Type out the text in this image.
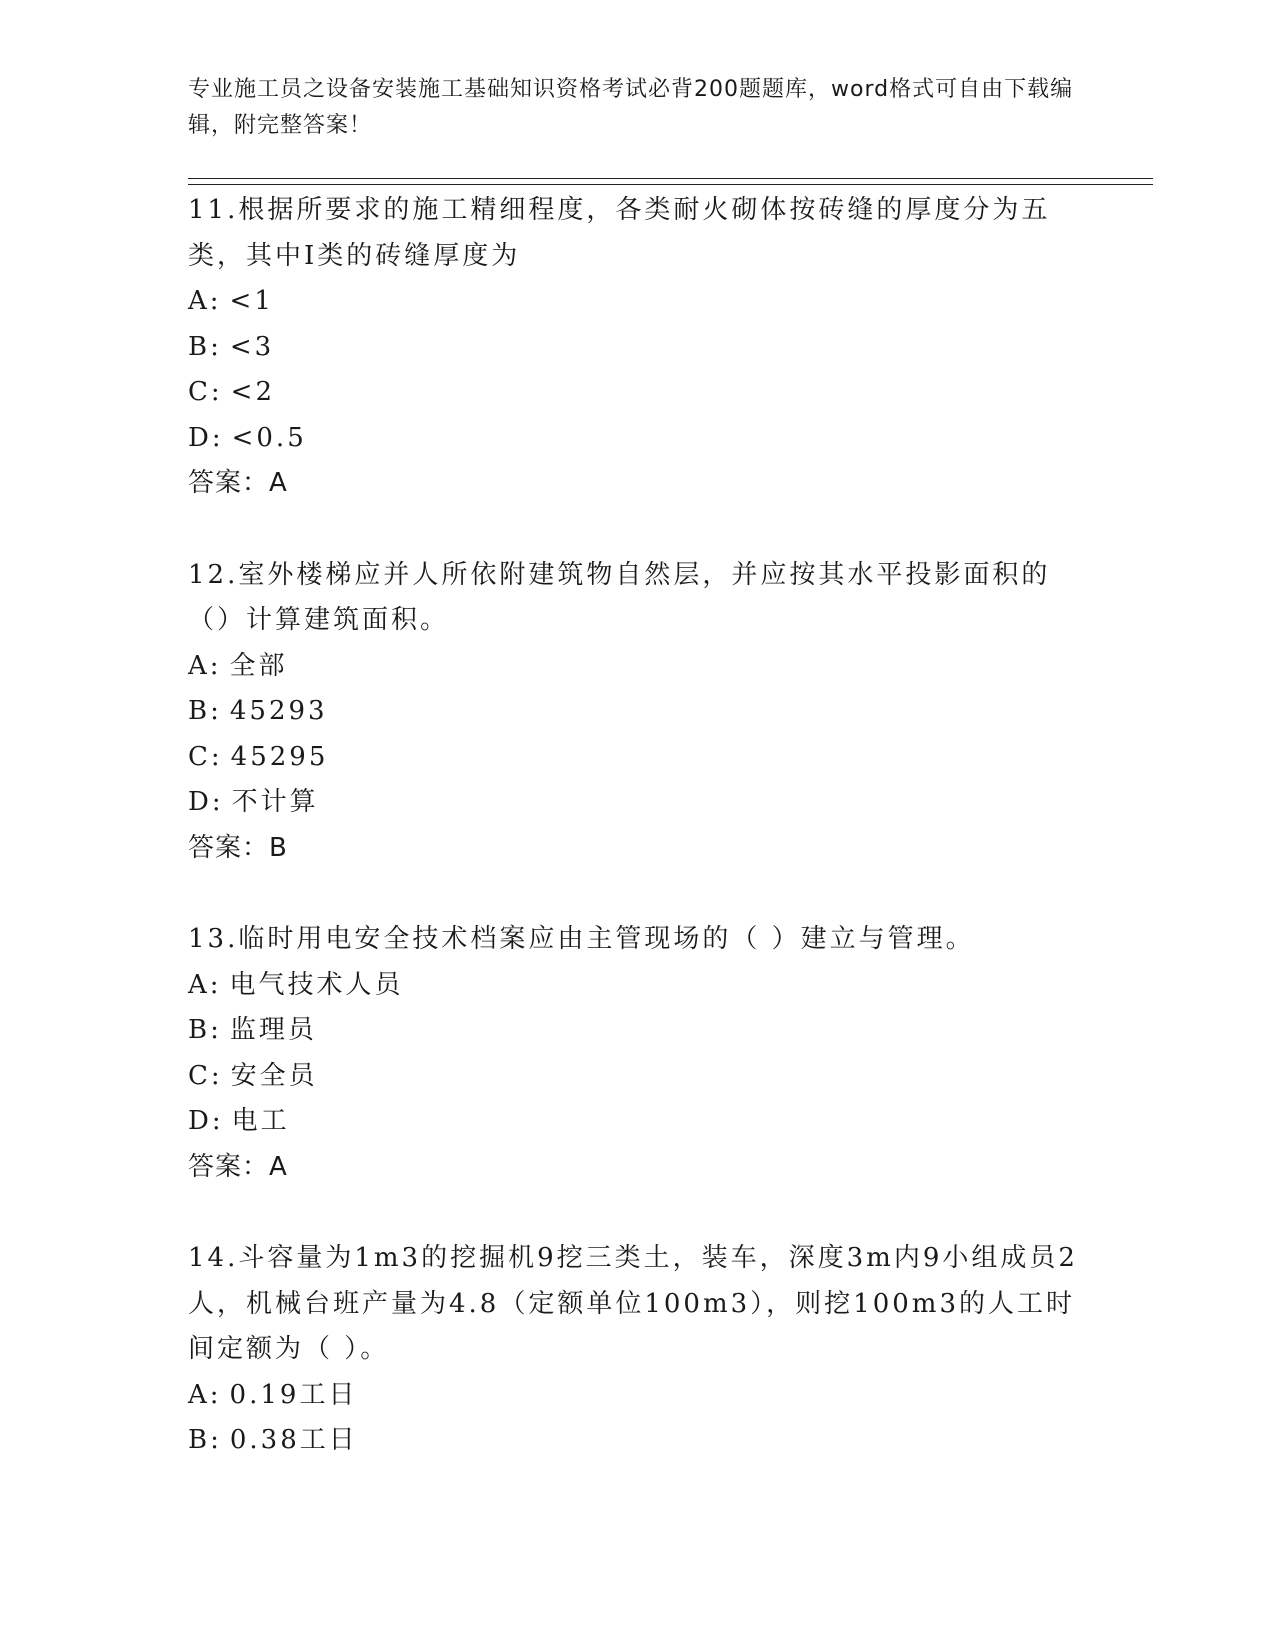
专业施工员之设备安装施工基础知识资格考试必背200题题库，word格式可自由下载编辑，附完整答案！

11.根据所要求的施工精细程度，各类耐火砌体按砖缝的厚度分为五类，其中Ⅰ类的砖缝厚度为

A: <1

B: <3

C: <2

D: <0.5

答案：A

12.室外楼梯应并人所依附建筑物自然层，并应按其水平投影面积的（）计算建筑面积。

A: 全部

B: 45293

C: 45295

D: 不计算

答案：B

13.临时用电安全技术档案应由主管现场的（ ）建立与管理。

A: 电气技术人员

B: 监理员

C: 安全员

D: 电工

答案：A

14.斗容量为1m3的挖掘机9挖三类土，装车，深度3m内9小组成员2人，机械台班产量为4.8（定额单位100m3），则挖100m3的人工时间定额为（ ）。

A: 0.19工日

B: 0.38工日
